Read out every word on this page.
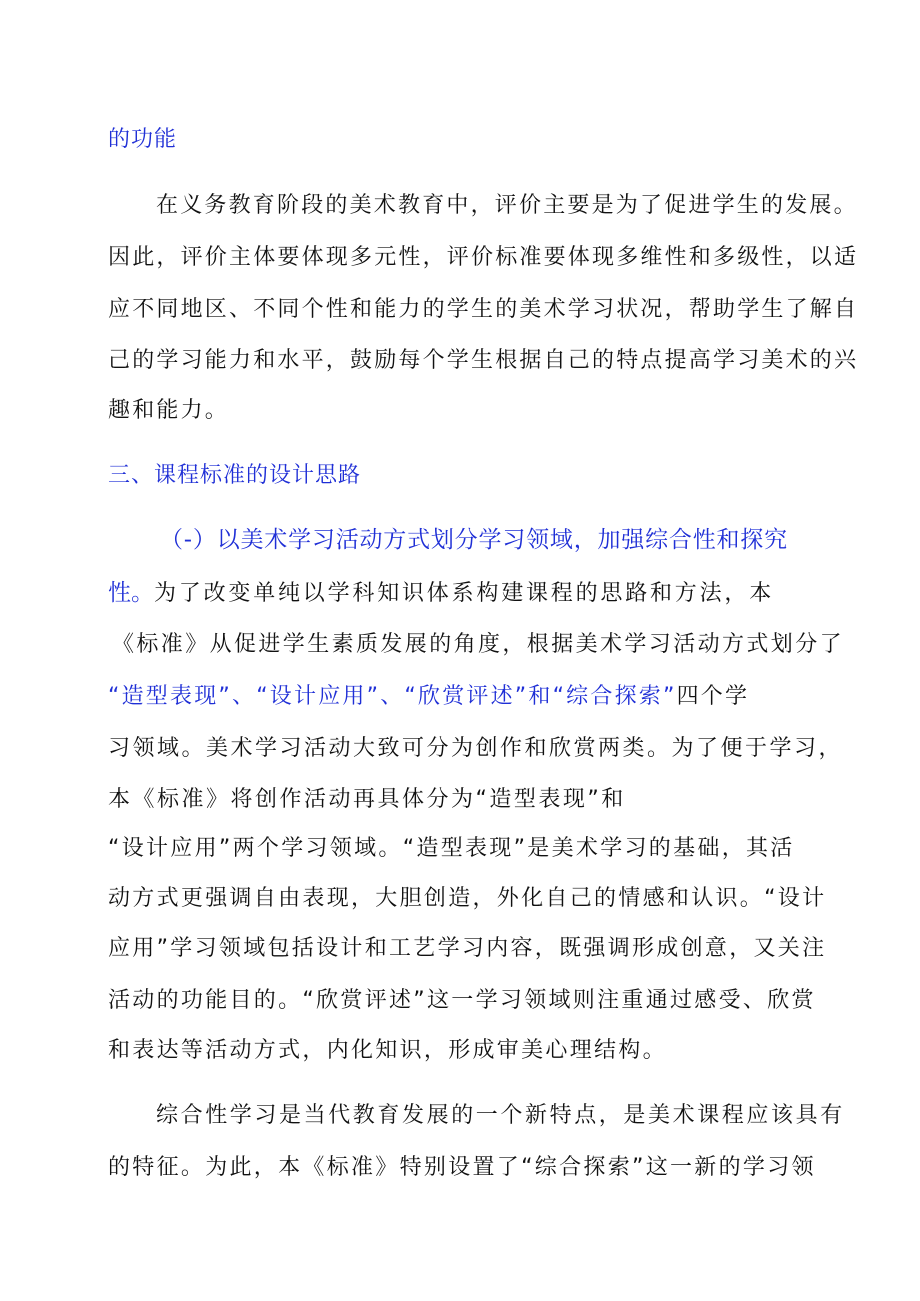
的功能
在义务教育阶段的美术教育中，评价主要是为了促进学生的发展。
因此，评价主体要体现多元性，评价标准要体现多维性和多级性，以适
应不同地区、不同个性和能力的学生的美术学习状况，帮助学生了解自
己的学习能力和水平，鼓励每个学生根据自己的特点提高学习美术的兴
趣和能力。
三、课程标准的设计思路
（-）以美术学习活动方式划分学习领域，加强综合性和探究
性。为了改变单纯以学科知识体系构建课程的思路和方法，本
《标准》从促进学生素质发展的角度，根据美术学习活动方式划分了
“造型表现”、“设计应用”、“欣赏评述”和“综合探索”四个学
习领域。美术学习活动大致可分为创作和欣赏两类。为了便于学习，
本《标准》将创作活动再具体分为“造型表现”和
“设计应用”两个学习领域。“造型表现”是美术学习的基础，其活
动方式更强调自由表现，大胆创造，外化自己的情感和认识。“设计
应用”学习领域包括设计和工艺学习内容，既强调形成创意，又关注
活动的功能目的。“欣赏评述”这一学习领域则注重通过感受、欣赏
和表达等活动方式，内化知识，形成审美心理结构。
综合性学习是当代教育发展的一个新特点，是美术课程应该具有
的特征。为此，本《标准》特别设置了“综合探索”这一新的学习领
